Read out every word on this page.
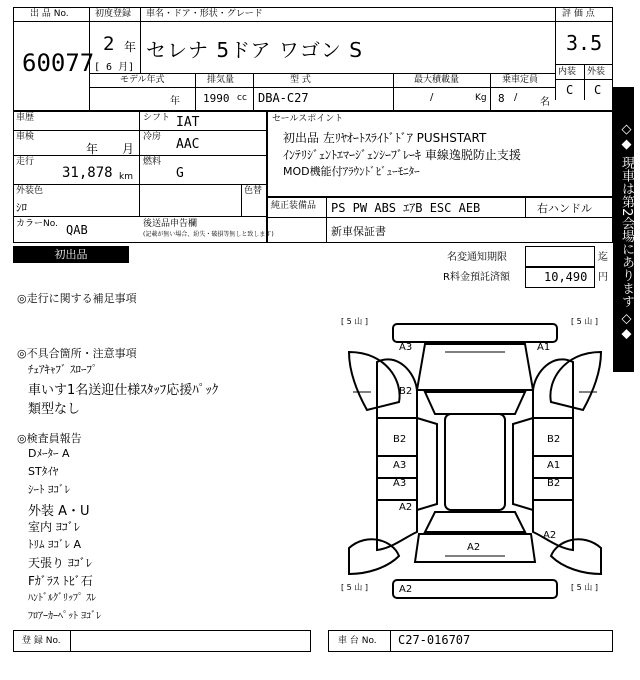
出 品 No.
60077
初度登録
2 年
[ 6 月]
車名・ドア・形状・グレード
セレナ 5ドア ワゴン S
評 価 点
3.5
内装 外装
C C
モデル年式
年
排気量
1990 cc
型 式
DBA-C27
最大積載量
/	Kg
乗車定員
8 / 名
◇◆ 現車は第2会場にあります ◇◆
車歴	シフト IAT
車検
年 月
冷房 AAC
走行
31,878 km
燃料
G
外装色
ｼﾛ
色替
カラーNo. QAB	後送品申告欄
(記載が無い場合、紛失・破損等無しと致します)
セールスポイント
初出品 左ﾘﾔｵｰﾄｽﾗｲﾄﾞﾄﾞｱ PUSHSTART
ｲﾝﾃﾘｼﾞｪﾝﾄｴﾏｰｼﾞｪﾝｼｰﾌﾞﾚｰｷ 車線逸脱防止支援
MOD機能付ｱﾗｳﾝﾄﾞﾋﾞｭｰﾓﾆﾀｰ
純正装備品 PS PW ABS ｴｱB ESC AEB	右ハンドル
新車保証書
初出品	名変通知期限	迄
R料金預託済額	10,490 円
◎走行に関する補足事項
◎不具合箇所・注意事項
ﾁｪｱｷｬﾌﾞ ｽﾛｰﾌﾟ
車いす1名送迎仕様ｽﾀｯﾌ応援ﾊﾟｯｸ
類型なし
◎検査員報告
Dﾒｰﾀｰ A
STﾀｲﾔ
ｼｰﾄ ﾖｺﾞﾚ
外装 A・U
室内 ﾖｺﾞﾚ
ﾄﾘﾑ ﾖｺﾞﾚ A
天張り ﾖｺﾞﾚ
Fｶﾞﾗｽ ﾄﾋﾞ石
ﾊﾝﾄﾞﾙｸﾞﾘｯﾌﾟ ｽﾚ
ﾌﾛｱｰｶｰﾍﾟｯﾄ ﾖｺﾞﾚ
[ 5 山 ]	[ 5 山 ]
[ 5 山 ]	[ 5 山 ]
A3	A1
B2
B2	B2
A3	A1
A3	B2
A2
A2
A2
A2
登 録 No.	車 台 No. C27-016707
